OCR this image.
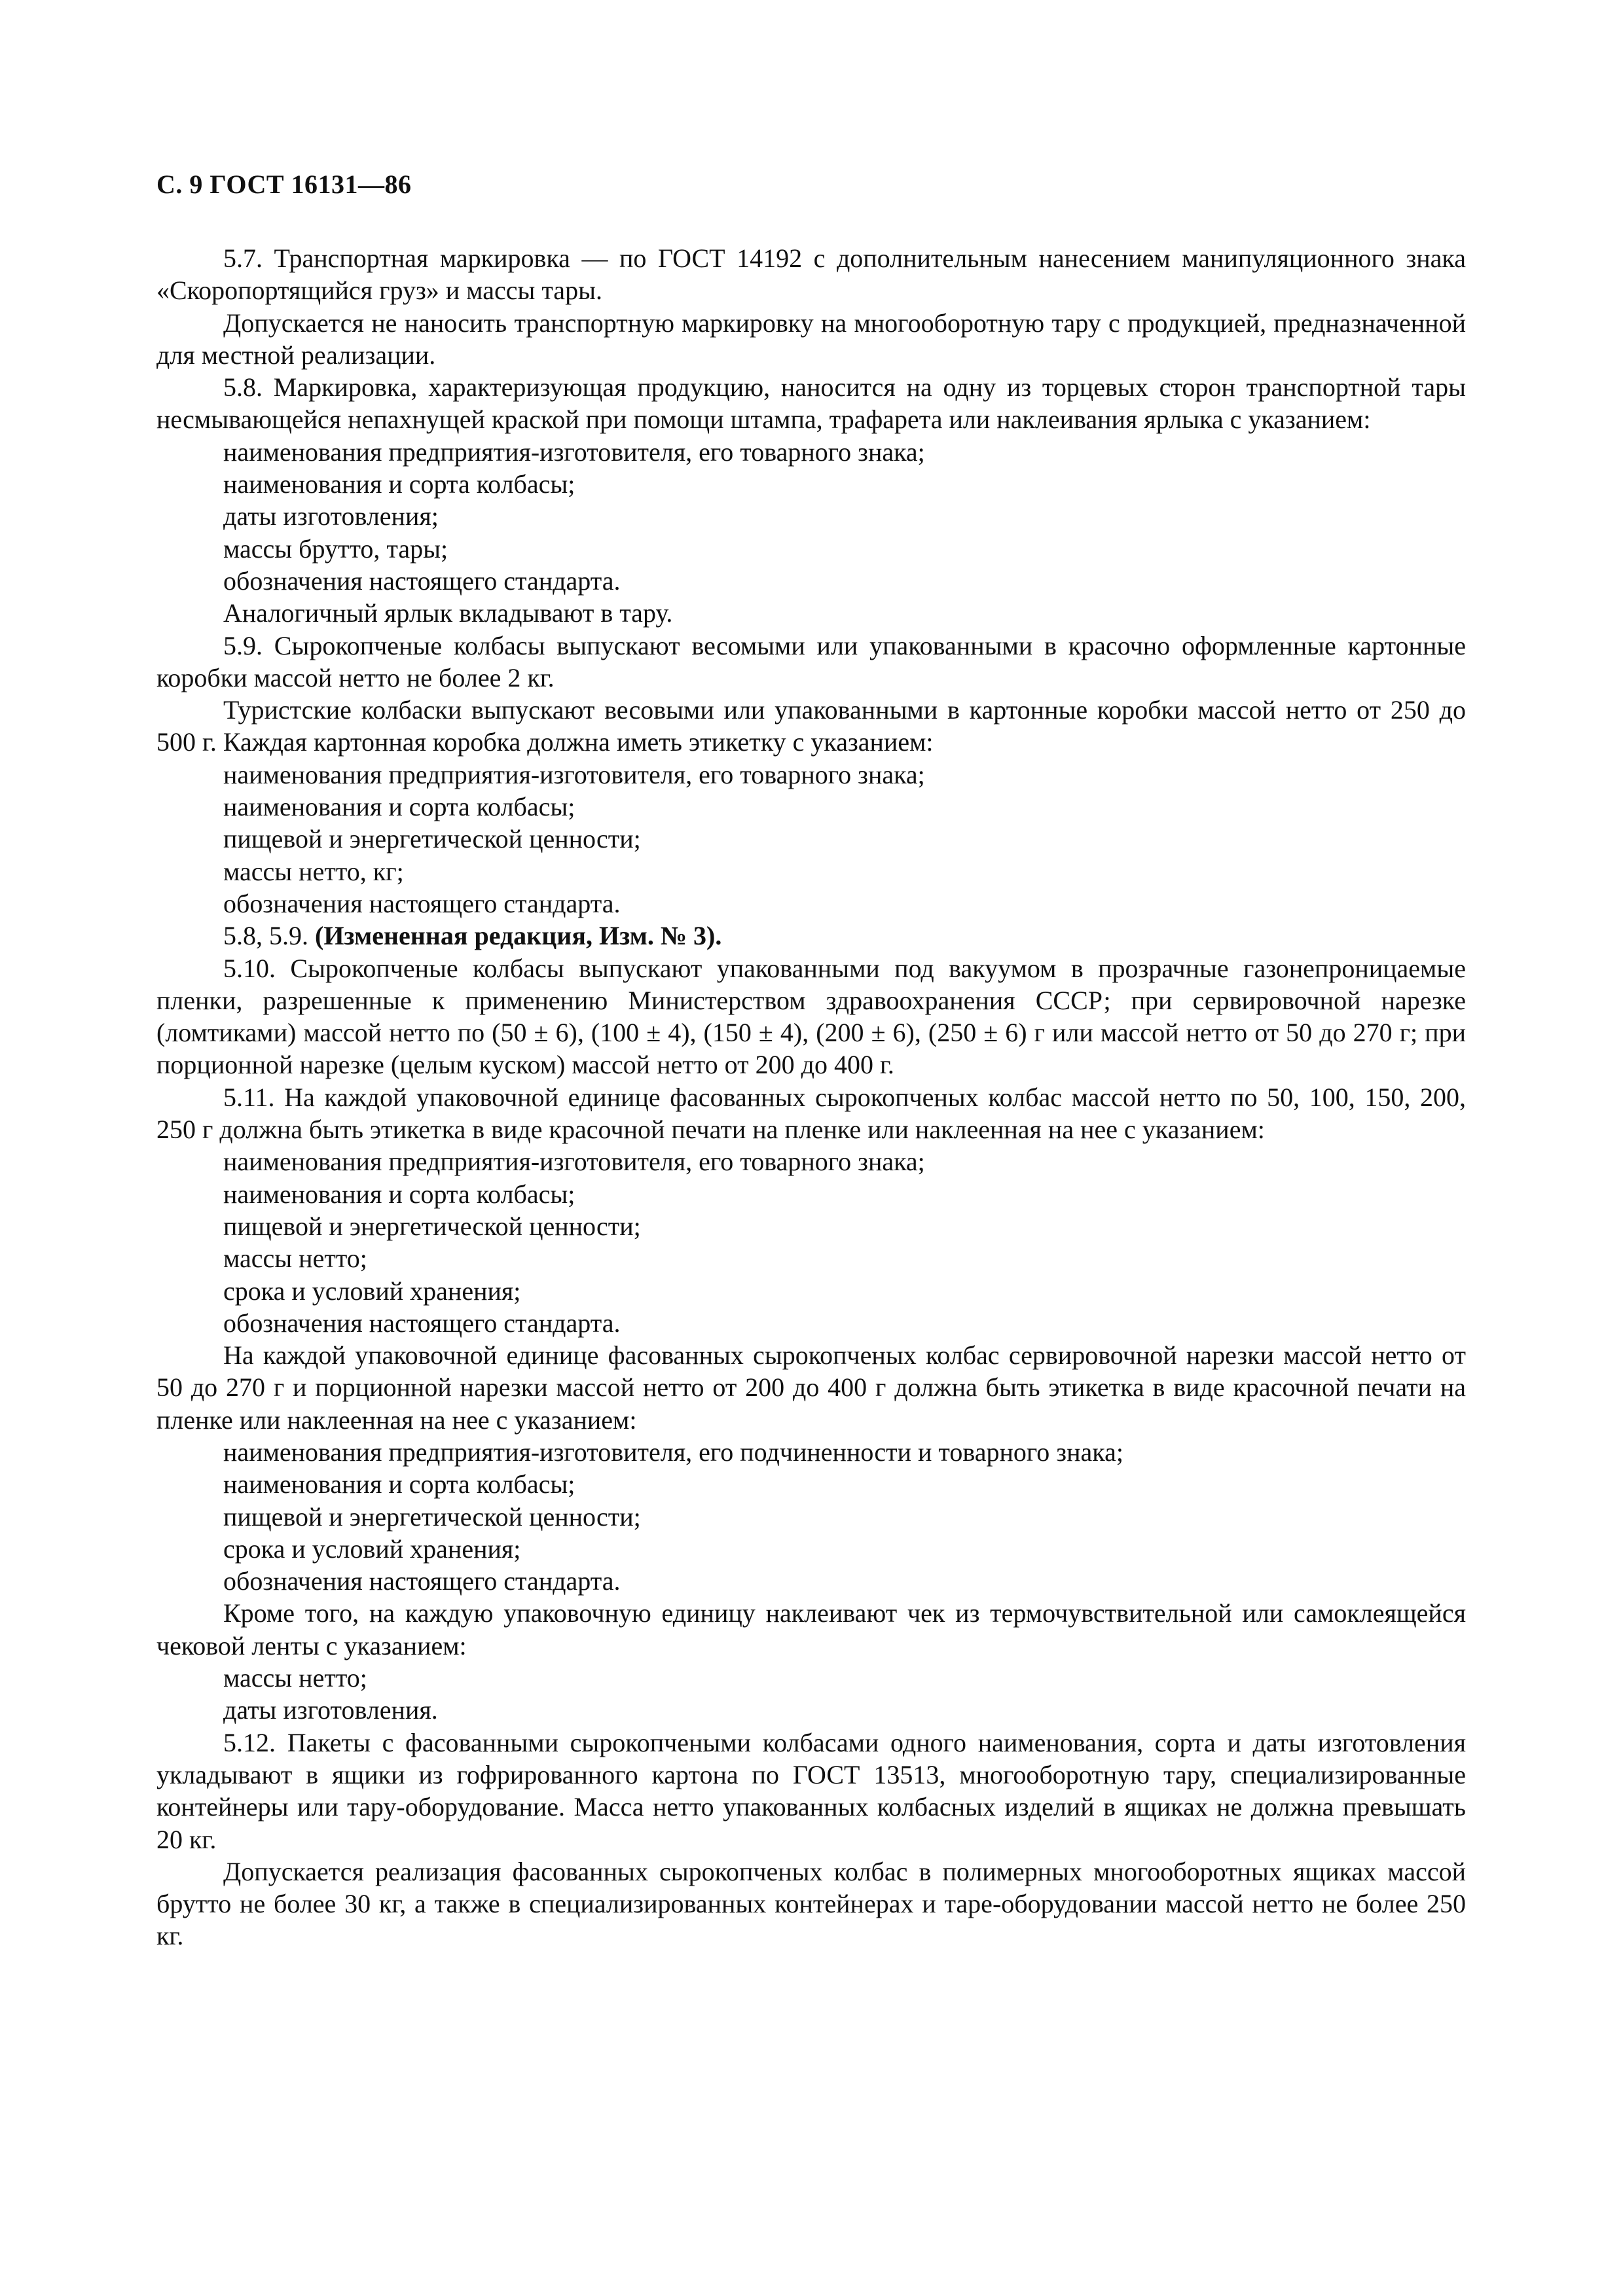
С. 9 ГОСТ 16131—86
5.7. Транспортная маркировка — по ГОСТ 14192 с дополнительным нанесением манипуляционного знака «Скоропортящийся груз» и массы тары.
Допускается не наносить транспортную маркировку на многооборотную тару с продукцией, предназначенной для местной реализации.
5.8. Маркировка, характеризующая продукцию, наносится на одну из торцевых сторон транспортной тары несмывающейся непахнущей краской при помощи штампа, трафарета или наклеивания ярлыка с указанием:
наименования предприятия-изготовителя, его товарного знака;
наименования и сорта колбасы;
даты изготовления;
массы брутто, тары;
обозначения настоящего стандарта.
Аналогичный ярлык вкладывают в тару.
5.9. Сырокопченые колбасы выпускают весомыми или упакованными в красочно оформленные картонные коробки массой нетто не более 2 кг.
Туристские колбаски выпускают весовыми или упакованными в картонные коробки массой нетто от 250 до 500 г. Каждая картонная коробка должна иметь этикетку с указанием:
наименования предприятия-изготовителя, его товарного знака;
наименования и сорта колбасы;
пищевой и энергетической ценности;
массы нетто, кг;
обозначения настоящего стандарта.
5.8, 5.9. (Измененная редакция, Изм. № 3).
5.10. Сырокопченые колбасы выпускают упакованными под вакуумом в прозрачные газонепроницаемые пленки, разрешенные к применению Министерством здравоохранения СССР; при сервировочной нарезке (ломтиками) массой нетто по (50 ± 6), (100 ± 4), (150 ± 4), (200 ± 6), (250 ± 6) г или массой нетто от 50 до 270 г; при порционной нарезке (целым куском) массой нетто от 200 до 400 г.
5.11. На каждой упаковочной единице фасованных сырокопченых колбас массой нетто по 50, 100, 150, 200, 250 г должна быть этикетка в виде красочной печати на пленке или наклеенная на нее с указанием:
наименования предприятия-изготовителя, его товарного знака;
наименования и сорта колбасы;
пищевой и энергетической ценности;
массы нетто;
срока и условий хранения;
обозначения настоящего стандарта.
На каждой упаковочной единице фасованных сырокопченых колбас сервировочной нарезки массой нетто от 50 до 270 г и порционной нарезки массой нетто от 200 до 400 г должна быть этикетка в виде красочной печати на пленке или наклеенная на нее с указанием:
наименования предприятия-изготовителя, его подчиненности и товарного знака;
наименования и сорта колбасы;
пищевой и энергетической ценности;
срока и условий хранения;
обозначения настоящего стандарта.
Кроме того, на каждую упаковочную единицу наклеивают чек из термочувствительной или самоклеящейся чековой ленты с указанием:
массы нетто;
даты изготовления.
5.12. Пакеты с фасованными сырокопчеными колбасами одного наименования, сорта и даты изготовления укладывают в ящики из гофрированного картона по ГОСТ 13513, многооборотную тару, специализированные контейнеры или тару-оборудование. Масса нетто упакованных колбасных изделий в ящиках не должна превышать 20 кг.
Допускается реализация фасованных сырокопченых колбас в полимерных многооборотных ящиках массой брутто не более 30 кг, а также в специализированных контейнерах и таре-оборудовании массой нетто не более 250 кг.
